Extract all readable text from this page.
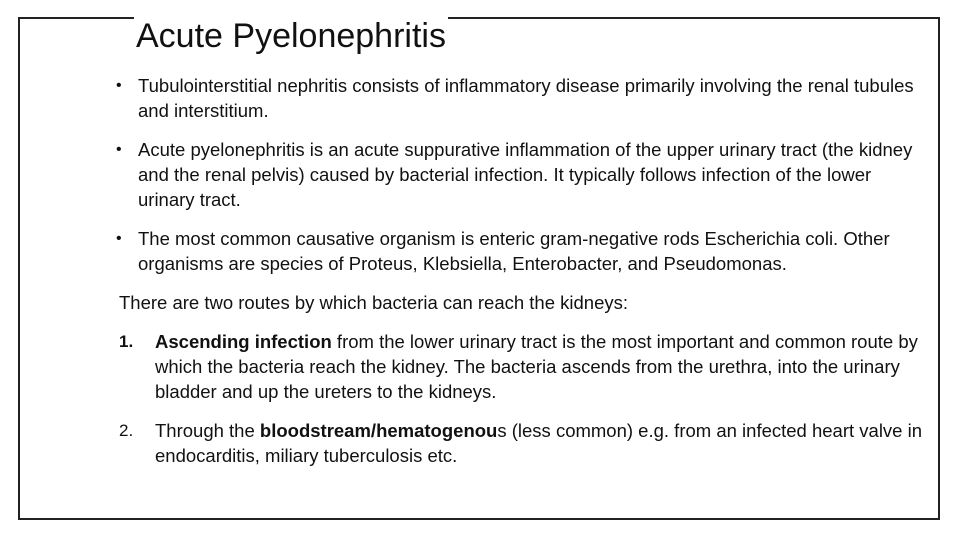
Acute Pyelonephritis
• Tubulointerstitial nephritis consists of inflammatory disease primarily involving the renal tubules and interstitium.
• Acute pyelonephritis is an acute suppurative inflammation of the upper urinary tract (the kidney and the renal pelvis) caused by bacterial infection. It typically follows infection of the lower urinary tract.
• The most common causative organism is enteric gram-negative rods Escherichia coli. Other organisms are species of Proteus, Klebsiella, Enterobacter, and Pseudomonas.

There are two routes by which bacteria can reach the kidneys:

1. Ascending infection from the lower urinary tract is the most important and common route by which the bacteria reach the kidney. The bacteria ascends from the urethra, into the urinary bladder and up the ureters to the kidneys.
2. Through the bloodstream/hematogenous (less common) e.g. from an infected heart valve in endocarditis, miliary tuberculosis etc.
